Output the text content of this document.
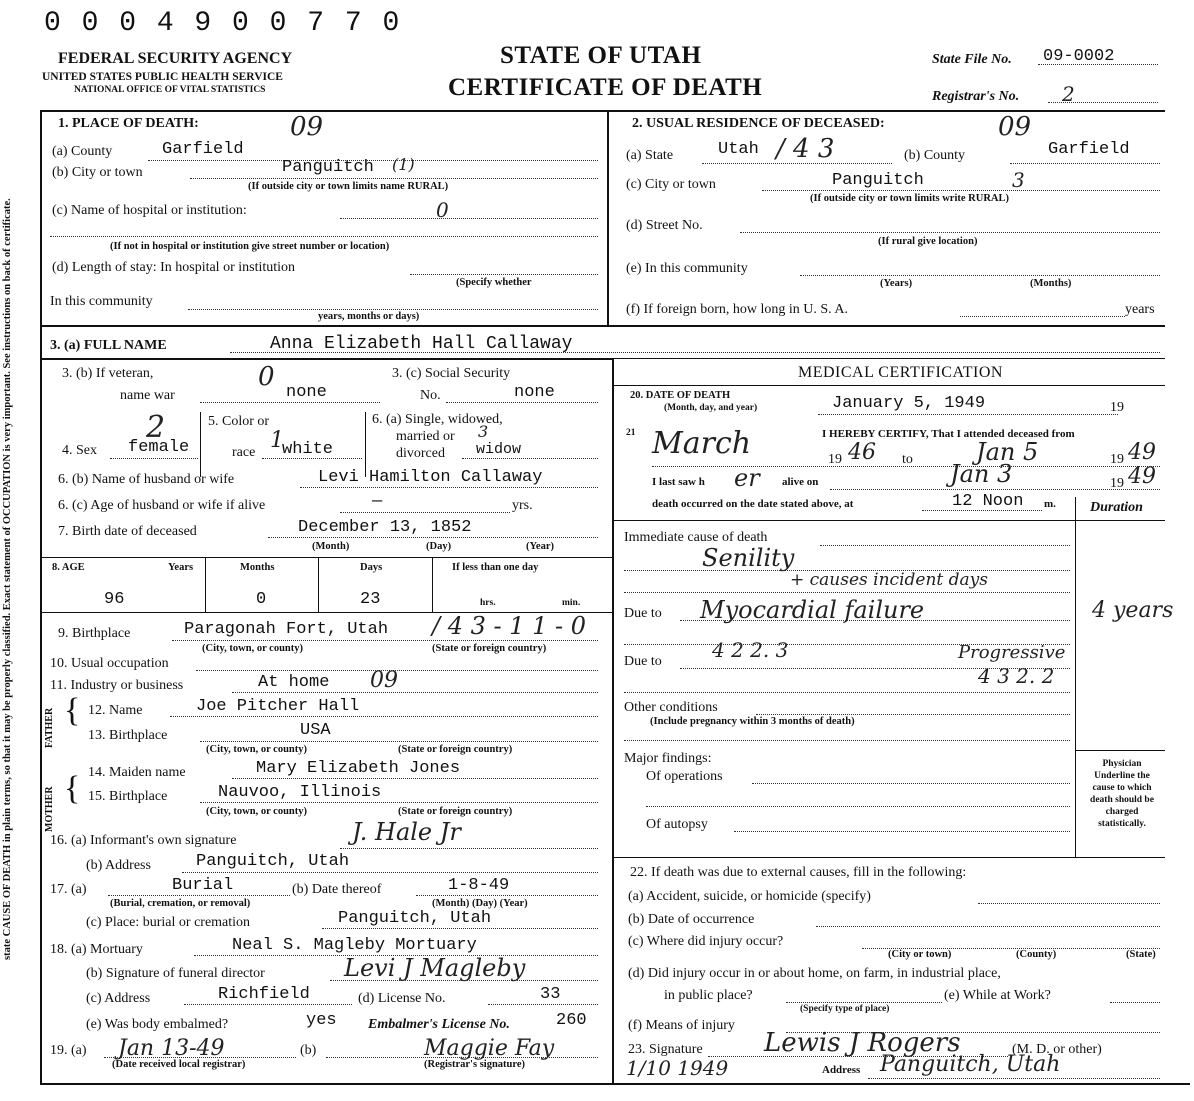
0 0 0 4 9 0 0 7 7 0
FEDERAL SECURITY AGENCY
UNITED STATES PUBLIC HEALTH SERVICE
NATIONAL OFFICE OF VITAL STATISTICS
STATE OF UTAH
CERTIFICATE OF DEATH
State File No. 09-0002
Registrar's No. 2
state CAUSE OF DEATH in plain terms, so that it may be properly classified. Exact statement of OCCUPATION is very important. See instructions on back of certificate.
1. PLACE OF DEATH:	09
(a) County	Garfield
(b) City or town	Panguitch (1)
(If outside city or town limits name RURAL)
(c) Name of hospital or institution:	0
(If not in hospital or institution give street number or location)
(d) Length of stay: In hospital or institution
(Specify whether
In this community
years, months or days)
2. USUAL RESIDENCE OF DECEASED:	09
(a) State	Utah / 4 3	(b) County	Garfield
(c) City or town	Panguitch	3
(If outside city or town limits write RURAL)
(d) Street No.
(If rural give location)
(e) In this community
(Years)	(Months)
(f) If foreign born, how long in U. S. A.	years
3. (a) FULL NAME	Anna Elizabeth Hall Callaway
3. (b) If veteran,
name war
0
none
3. (c) Social Security
No.	none
4. Sex
2
female
5. Color or
race 1
white
6. (a) Single, widowed,
married or 3
divorced widow
6. (b) Name of husband or wife	Levi Hamilton Callaway
6. (c) Age of husband or wife if alive	—	yrs.
7. Birth date of deceased	December 13, 1852
(Month)	(Day)	(Year)
8. AGE	Years	Months	Days	If less than one day
96	0	23	hrs.	min.
9. Birthplace	Paragonah Fort, Utah / 4 3 - 1 1 - 0
(City, town, or county)	(State or foreign country)
10. Usual occupation
11. Industry or business	At home 09
FATHER
MOTHER
{
{
12. Name	Joe Pitcher Hall
13. Birthplace	USA
(City, town, or county)	(State or foreign country)
14. Maiden name	Mary Elizabeth Jones
15. Birthplace	Nauvoo, Illinois
(City, town, or county)	(State or foreign country)
16. (a) Informant's own signature	J. Hale Jr
(b) Address	Panguitch, Utah
17. (a)	Burial	(b) Date thereof	1-8-49
(Burial, cremation, or removal)	(Month) (Day) (Year)
(c) Place: burial or cremation	Panguitch, Utah
18. (a) Mortuary	Neal S. Magleby Mortuary
(b) Signature of funeral director	Levi J Magleby
(c) Address	Richfield	(d) License No.	33
(e) Was body embalmed?	yes Embalmer's License No.	260
19. (a) Jan 13-49	(b)	Maggie Fay
(Date received local registrar)	(Registrar's signature)
MEDICAL CERTIFICATION
20. DATE OF DEATH
(Month, day, and year)	January 5, 1949	19
21 March	I HEREBY CERTIFY, That I attended deceased from
19 46 to	Jan 5	19 49
I last saw h er alive on	Jan 3	19 49
death occurred on the date stated above, at	12 Noon m. Duration
Immediate cause of death
Senility
+ causes incident days
Due to Myocardial failure	4 years
4 2 2. 3
Due to	Progressive
4 3 2. 2
Other conditions
(Include pregnancy within 3 months of death)
Major findings:
Of operations
Of autopsy
Physician Underline the cause to which death should be charged statistically.
22. If death was due to external causes, fill in the following:
(a) Accident, suicide, or homicide (specify)
(b) Date of occurrence
(c) Where did injury occur?
(City or town)	(County)	(State)
(d) Did injury occur in or about home, on farm, in industrial place,
in public place?
(Specify type of place)
(e) While at Work?
(f) Means of injury
23. Signature Lewis J Rogers	(M. D. or other)
1/10 1949	Address Panguitch, Utah
